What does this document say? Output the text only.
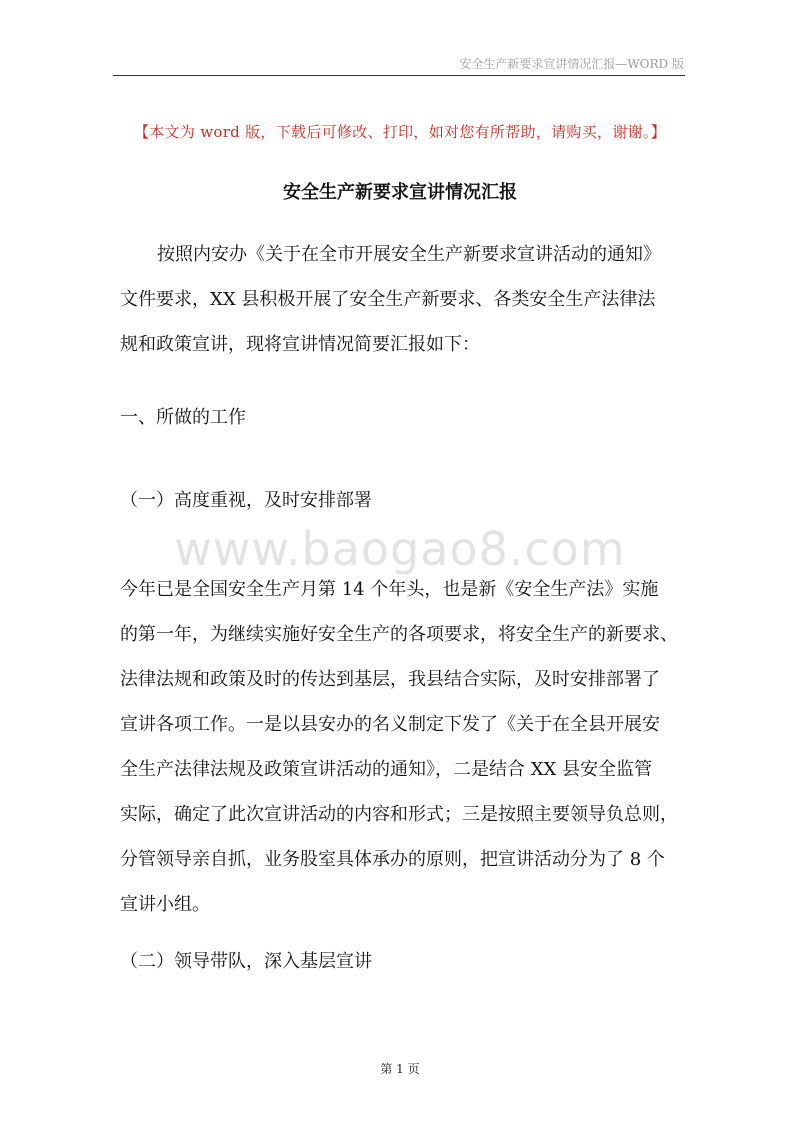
安全生产新要求宣讲情况汇报—WORD 版
【本文为 word 版，下载后可修改、打印，如对您有所帮助，请购买，谢谢。】
安全生产新要求宣讲情况汇报
按照内安办《关于在全市开展安全生产新要求宣讲活动的通知》
文件要求，XX 县积极开展了安全生产新要求、各类安全生产法律法
规和政策宣讲，现将宣讲情况简要汇报如下：
一、所做的工作
（一）高度重视，及时安排部署
www.baogao8.com
今年已是全国安全生产月第 14 个年头，也是新《安全生产法》实施
的第一年，为继续实施好安全生产的各项要求，将安全生产的新要求、
法律法规和政策及时的传达到基层，我县结合实际，及时安排部署了
宣讲各项工作。一是以县安办的名义制定下发了《关于在全县开展安
全生产法律法规及政策宣讲活动的通知》，二是结合 XX 县安全监管
实际，确定了此次宣讲活动的内容和形式；三是按照主要领导负总则，
分管领导亲自抓，业务股室具体承办的原则，把宣讲活动分为了 8 个
宣讲小组。
（二）领导带队，深入基层宣讲
第 1 页
